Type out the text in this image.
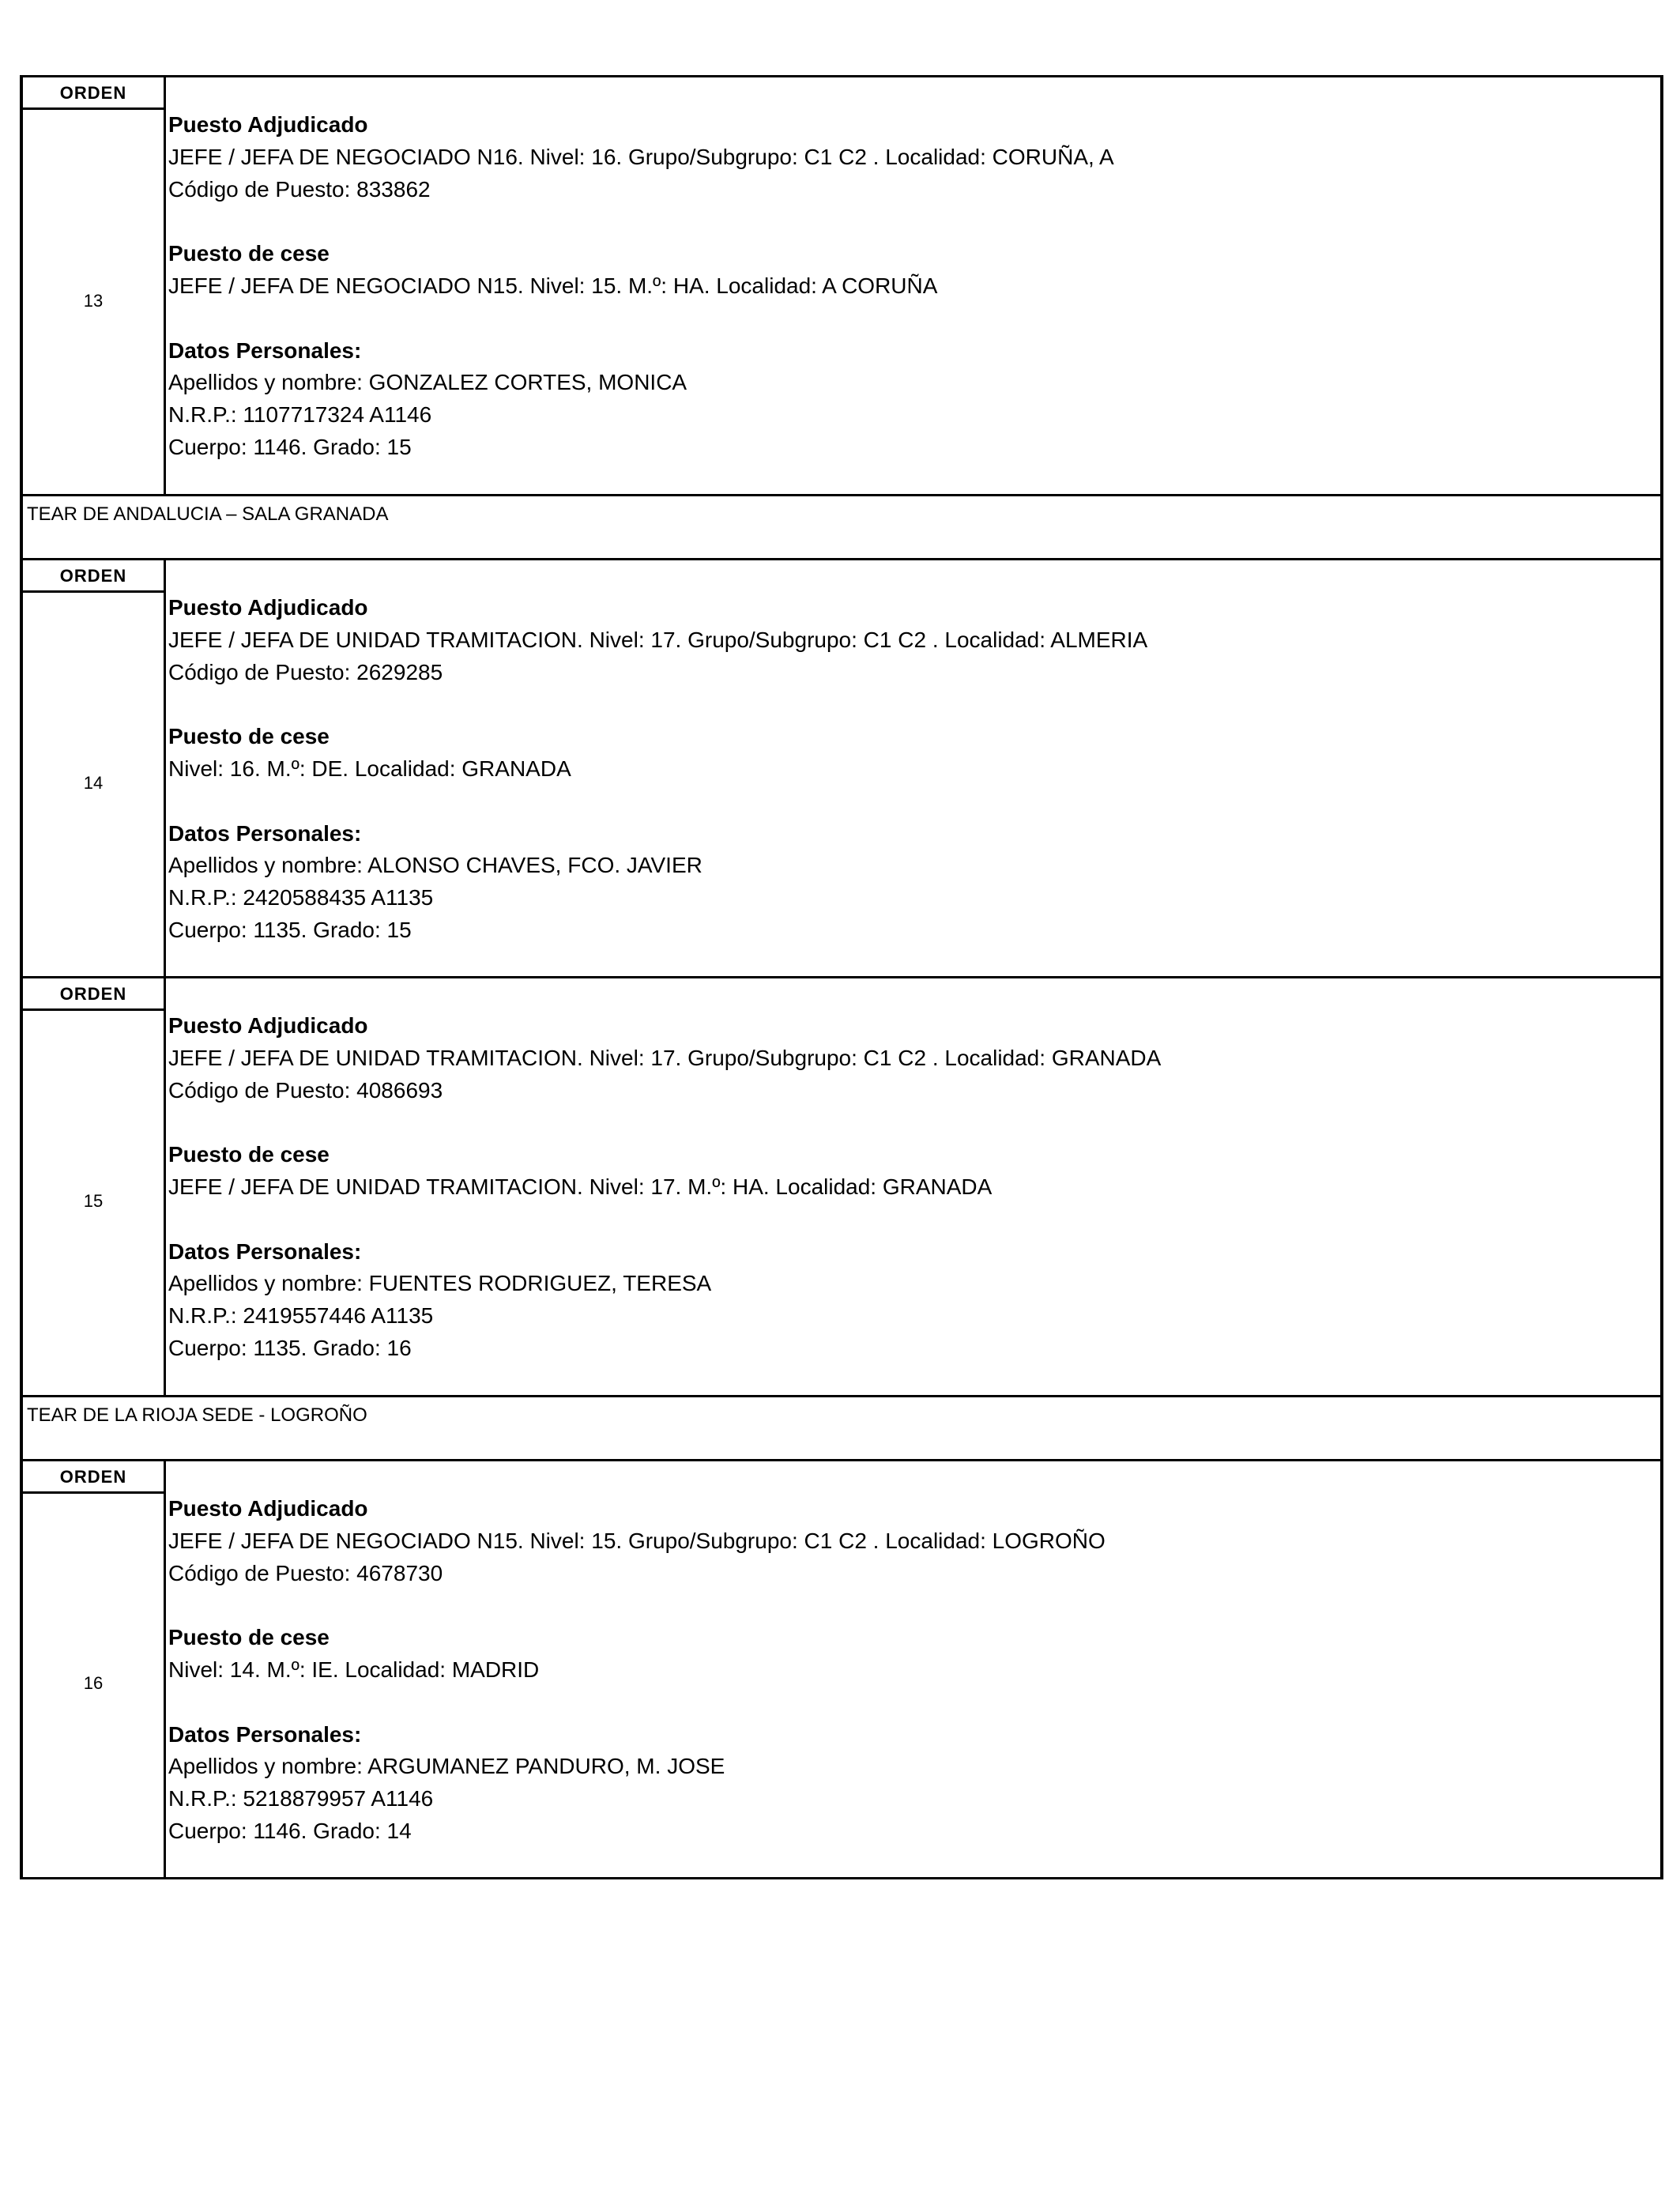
ORDEN
13
Puesto Adjudicado
JEFE / JEFA DE NEGOCIADO N16. Nivel: 16. Grupo/Subgrupo: C1 C2 . Localidad: CORUÑA, A
Código de Puesto: 833862
Puesto de cese
JEFE / JEFA DE NEGOCIADO N15. Nivel: 15. M.º: HA. Localidad: A CORUÑA
Datos Personales:
Apellidos y nombre: GONZALEZ CORTES, MONICA
N.R.P.: 1107717324 A1146
Cuerpo: 1146. Grado: 15
TEAR DE ANDALUCIA – SALA GRANADA
ORDEN
14
Puesto Adjudicado
JEFE / JEFA DE UNIDAD TRAMITACION. Nivel: 17. Grupo/Subgrupo: C1 C2 . Localidad: ALMERIA
Código de Puesto: 2629285
Puesto de cese
Nivel: 16. M.º: DE. Localidad: GRANADA
Datos Personales:
Apellidos y nombre: ALONSO CHAVES, FCO. JAVIER
N.R.P.: 2420588435 A1135
Cuerpo: 1135. Grado: 15
ORDEN
15
Puesto Adjudicado
JEFE / JEFA DE UNIDAD TRAMITACION. Nivel: 17. Grupo/Subgrupo: C1 C2 . Localidad: GRANADA
Código de Puesto: 4086693
Puesto de cese
JEFE / JEFA DE UNIDAD TRAMITACION. Nivel: 17. M.º: HA. Localidad: GRANADA
Datos Personales:
Apellidos y nombre: FUENTES RODRIGUEZ, TERESA
N.R.P.: 2419557446 A1135
Cuerpo: 1135. Grado: 16
TEAR DE LA RIOJA SEDE - LOGROÑO
ORDEN
16
Puesto Adjudicado
JEFE / JEFA DE NEGOCIADO N15. Nivel: 15. Grupo/Subgrupo: C1 C2 . Localidad: LOGROÑO
Código de Puesto: 4678730
Puesto de cese
Nivel: 14. M.º: IE. Localidad: MADRID
Datos Personales:
Apellidos y nombre: ARGUMANEZ PANDURO, M. JOSE
N.R.P.: 5218879957 A1146
Cuerpo: 1146. Grado: 14
